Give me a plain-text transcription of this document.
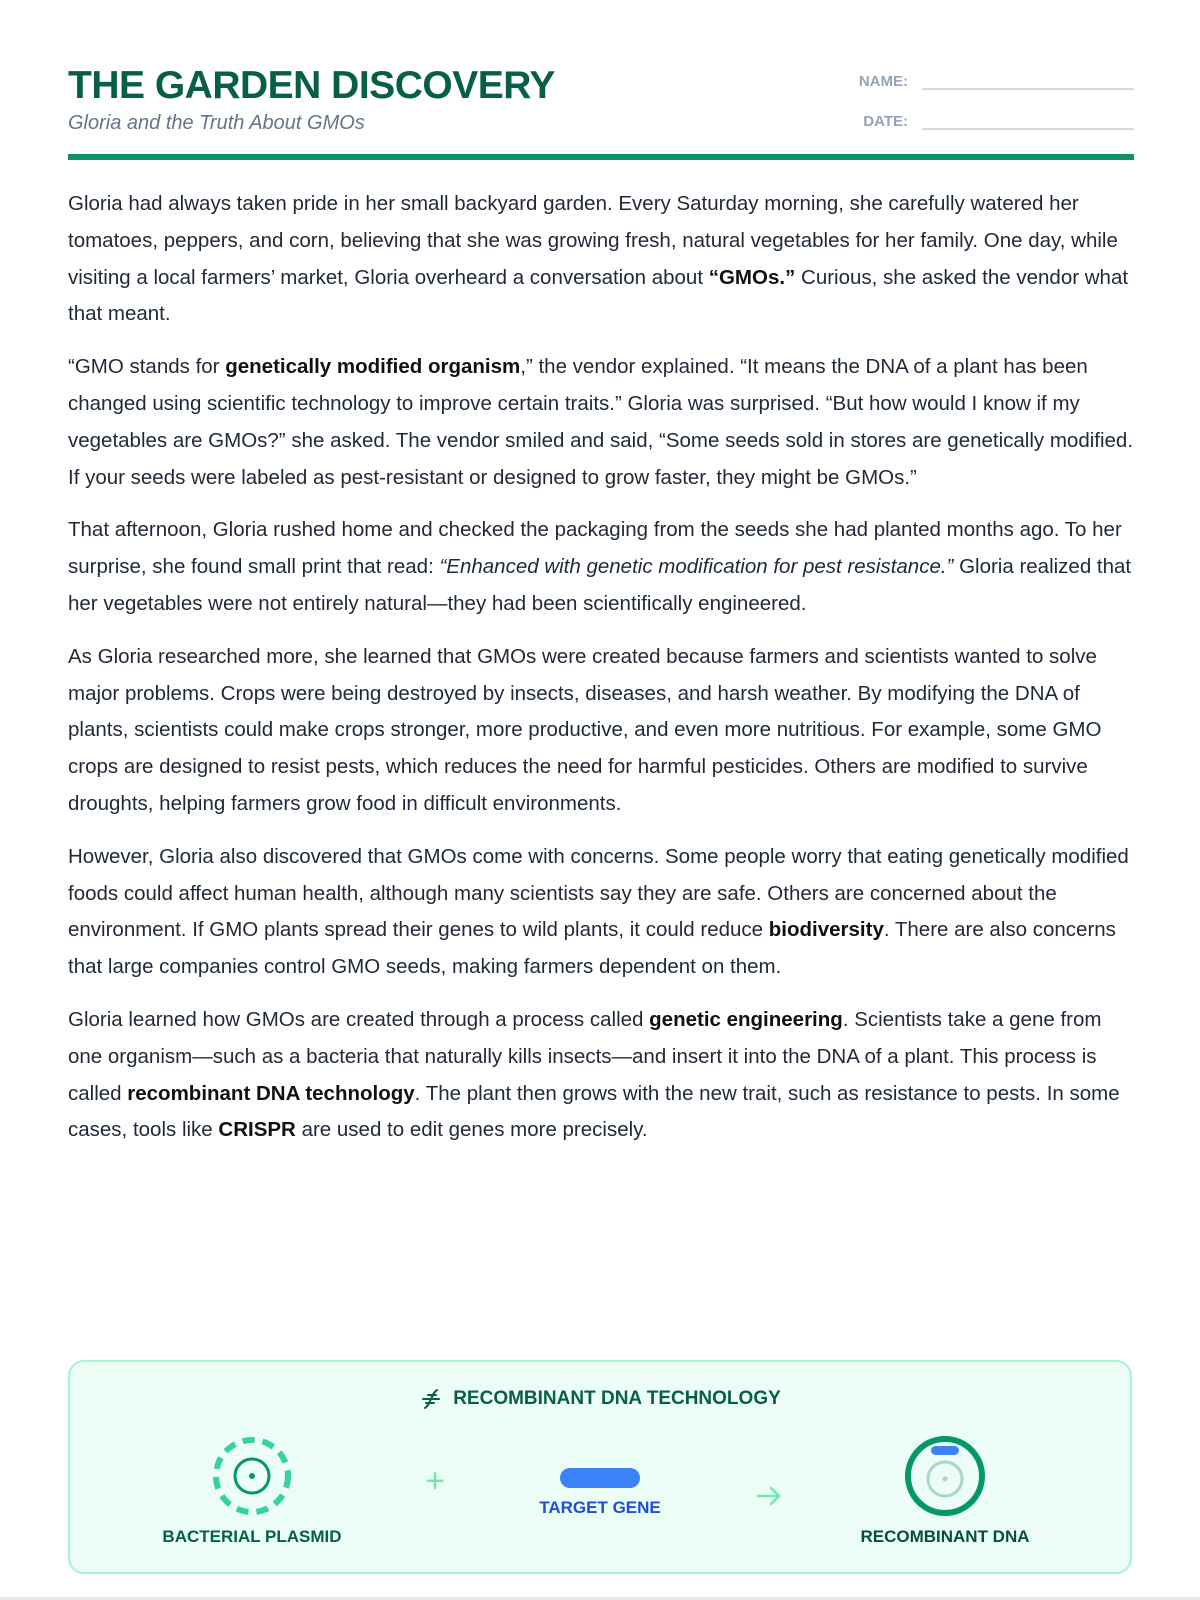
THE GARDEN DISCOVERY
Gloria and the Truth About GMOs
NAME:
DATE:

Gloria had always taken pride in her small backyard garden. Every Saturday morning, she carefully watered her tomatoes, peppers, and corn, believing that she was growing fresh, natural vegetables for her family. One day, while visiting a local farmers’ market, Gloria overheard a conversation about “GMOs.” Curious, she asked the vendor what that meant.

“GMO stands for genetically modified organism,” the vendor explained. “It means the DNA of a plant has been changed using scientific technology to improve certain traits.” Gloria was surprised. “But how would I know if my vegetables are GMOs?” she asked. The vendor smiled and said, “Some seeds sold in stores are genetically modified. If your seeds were labeled as pest-resistant or designed to grow faster, they might be GMOs.”

That afternoon, Gloria rushed home and checked the packaging from the seeds she had planted months ago. To her surprise, she found small print that read: “Enhanced with genetic modification for pest resistance.” Gloria realized that her vegetables were not entirely natural—they had been scientifically engineered.

As Gloria researched more, she learned that GMOs were created because farmers and scientists wanted to solve major problems. Crops were being destroyed by insects, diseases, and harsh weather. By modifying the DNA of plants, scientists could make crops stronger, more productive, and even more nutritious. For example, some GMO crops are designed to resist pests, which reduces the need for harmful pesticides. Others are modified to survive droughts, helping farmers grow food in difficult environments.

However, Gloria also discovered that GMOs come with concerns. Some people worry that eating genetically modified foods could affect human health, although many scientists say they are safe. Others are concerned about the environment. If GMO plants spread their genes to wild plants, it could reduce biodiversity. There are also concerns that large companies control GMO seeds, making farmers dependent on them.

Gloria learned how GMOs are created through a process called genetic engineering. Scientists take a gene from one organism—such as a bacteria that naturally kills insects—and insert it into the DNA of a plant. This process is called recombinant DNA technology. The plant then grows with the new trait, such as resistance to pests. In some cases, tools like CRISPR are used to edit genes more precisely.

RECOMBINANT DNA TECHNOLOGY
BACTERIAL PLASMID
+
TARGET GENE
RECOMBINANT DNA
